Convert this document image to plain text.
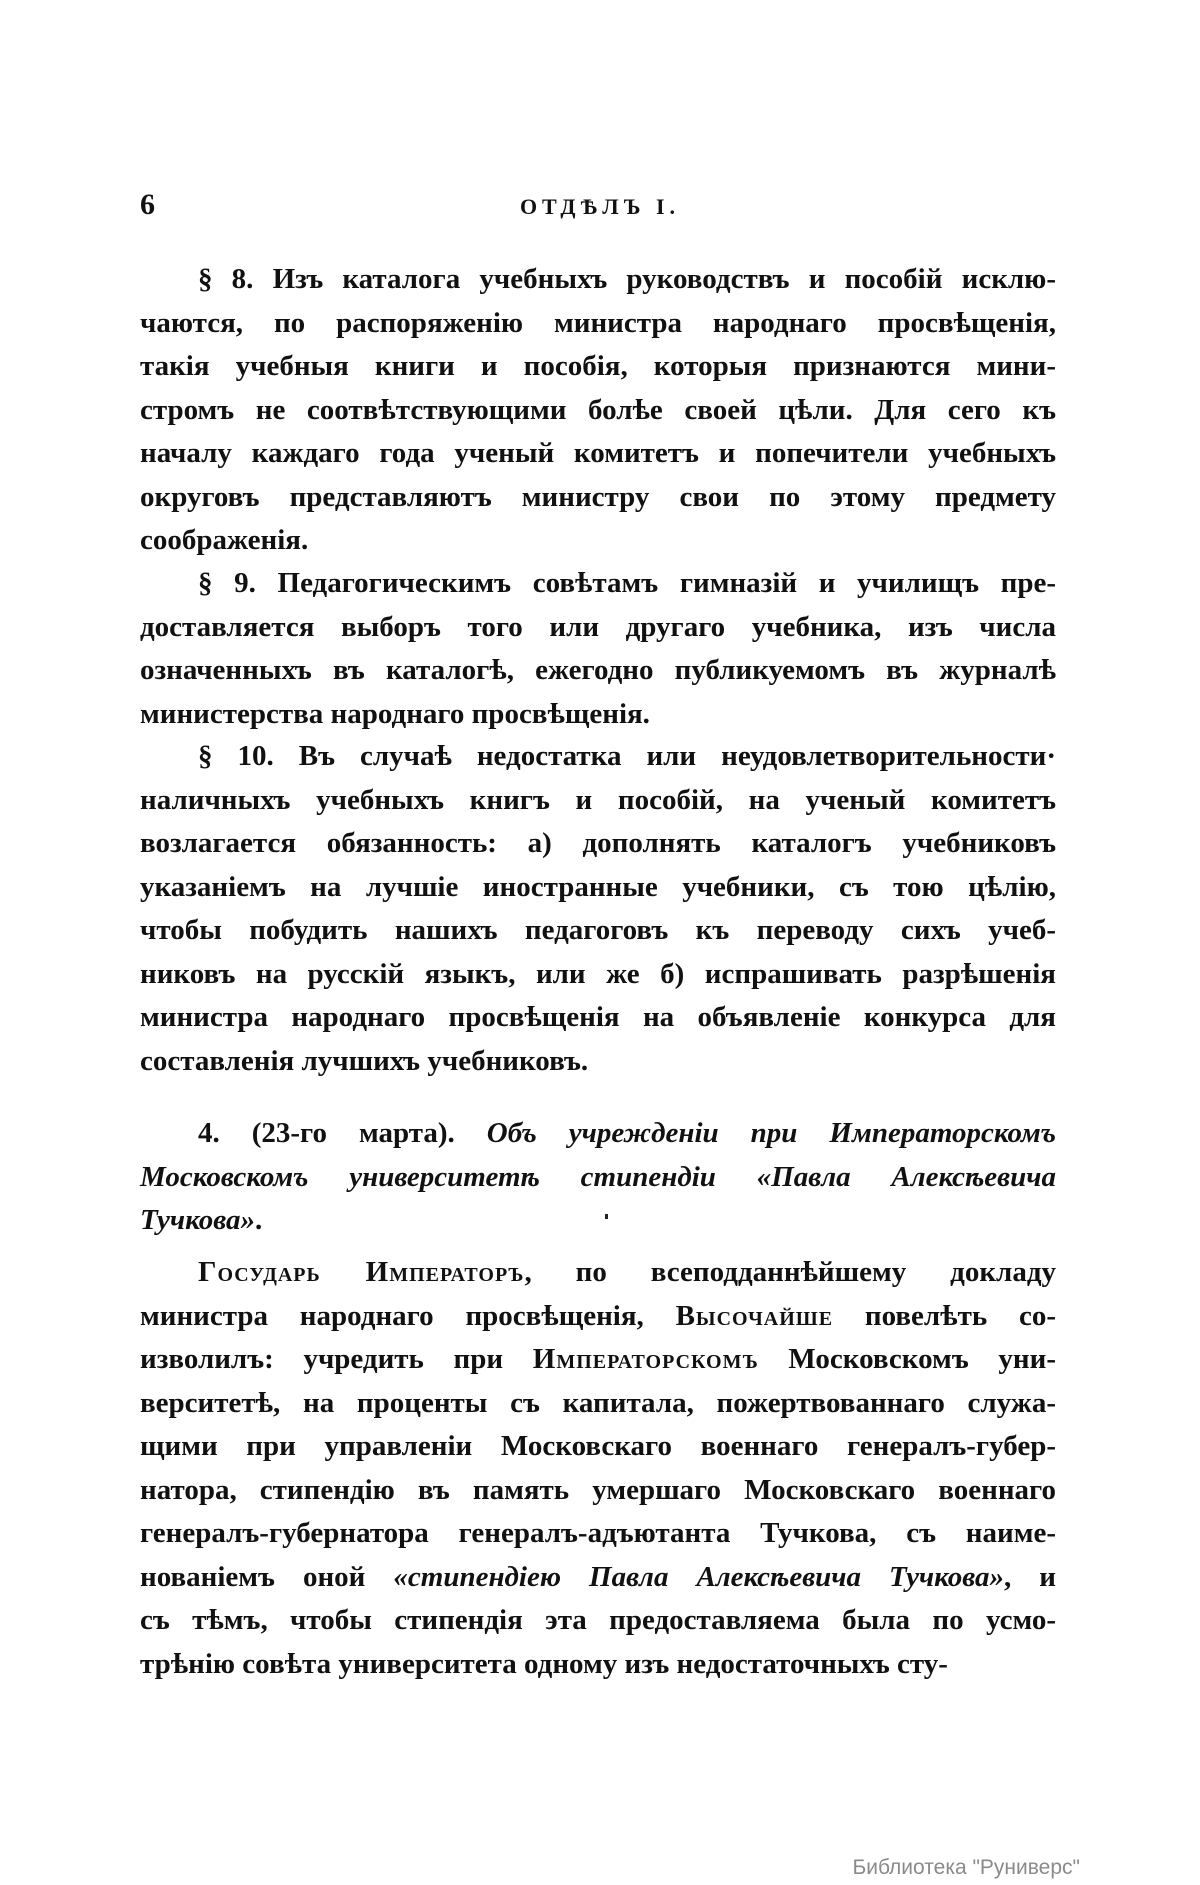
6	ОТДѢЛЪ I.
§ 8. Изъ каталога учебныхъ руководствъ и пособій исклю-
чаются, по распоряженію министра народнаго просвѣщенія,
такія учебныя книги и пособія, которыя признаются мини-
стромъ не соотвѣтствующими болѣе своей цѣли. Для сего къ
началу каждаго года ученый комитетъ и попечители учебныхъ
округовъ представляютъ министру свои по этому предмету
соображенія.
§ 9. Педагогическимъ совѣтамъ гимназій и училищъ пре-
доставляется выборъ того или другаго учебника, изъ числа
означенныхъ въ каталогѣ, ежегодно публикуемомъ въ журналѣ
министерства народнаго просвѣщенія.
§ 10. Въ случаѣ недостатка или неудовлетворительности·
наличныхъ учебныхъ книгъ и пособій, на ученый комитетъ
возлагается обязанность: а) дополнять каталогъ учебниковъ
указаніемъ на лучшіе иностранные учебники, съ тою цѣлію,
чтобы побудить нашихъ педагоговъ къ переводу сихъ учеб-
никовъ на русскій языкъ, или же б) испрашивать разрѣшенія
министра народнаго просвѣщенія на объявленіе конкурса для
составленія лучшихъ учебниковъ.
4. (23-го марта). Объ учрежденіи при Императорскомъ
Московскомъ университетѣ стипендіи «Павла Алексѣевича
Тучкова».
Государь Императоръ, по всеподданнѣйшему докладу
министра народнаго просвѣщенія, Высочайше повелѣть со-
изволилъ: учредить при Императорскомъ Московскомъ уни-
верситетѣ, на проценты съ капитала, пожертвованнаго служа-
щими при управленіи Московскаго военнаго генералъ-губер-
натора, стипендію въ память умершаго Московскаго военнаго
генералъ-губернатора генералъ-адъютанта Тучкова, съ наиме-
нованіемъ оной «стипендіею Павла Алексѣевича Тучкова», и
съ тѣмъ, чтобы стипендія эта предоставляема была по усмо-
трѣнію совѣта университета одному изъ недостаточныхъ сту-
Библиотека "Руниверс"
